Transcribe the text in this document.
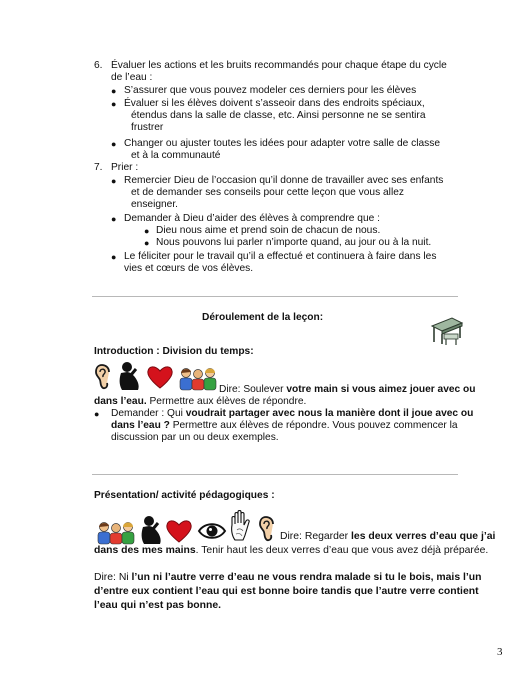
6. Évaluer les actions et les bruits recommandés pour chaque étape du cycle
de l’eau :
● S’assurer que vous pouvez modeler ces derniers pour les élèves
● Évaluer si les élèves doivent s’asseoir dans des endroits spéciaux,
étendus dans la salle de classe, etc. Ainsi personne ne se sentira
frustrer
● Changer ou ajuster toutes les idées pour adapter votre salle de classe
et à la communauté
7. Prier :
● Remercier Dieu de l’occasion qu’il donne de travailler avec ses enfants
et de demander ses conseils pour cette leçon que vous allez
enseigner.
● Demander à Dieu d’aider des élèves à comprendre que :
● Dieu nous aime et prend soin de chacun de nous.
● Nous pouvons lui parler n’importe quand, au jour ou à la nuit.
● Le féliciter pour le travail qu’il a effectué et continuera à faire dans les
vies et cœurs de vos élèves.
Déroulement de la leçon:
Introduction : Division du temps:
Dire: Soulever votre main si vous aimez jouer avec ou
dans l’eau. Permettre aux élèves de répondre.
● Demander : Qui voudrait partager avec nous la manière dont il joue avec ou
dans l’eau ? Permettre aux élèves de répondre. Vous pouvez commencer la
discussion par un ou deux exemples.
Présentation/ activité pédagogiques :
Dire: Regarder les deux verres d’eau que j’ai
dans des mes mains. Tenir haut les deux verres d’eau que vous avez déjà préparée.
Dire: Ni l’un ni l’autre verre d’eau ne vous rendra malade si tu le bois, mais l’un
d’entre eux contient l’eau qui est bonne boire tandis que l’autre verre contient
l’eau qui n’est pas bonne.
3
